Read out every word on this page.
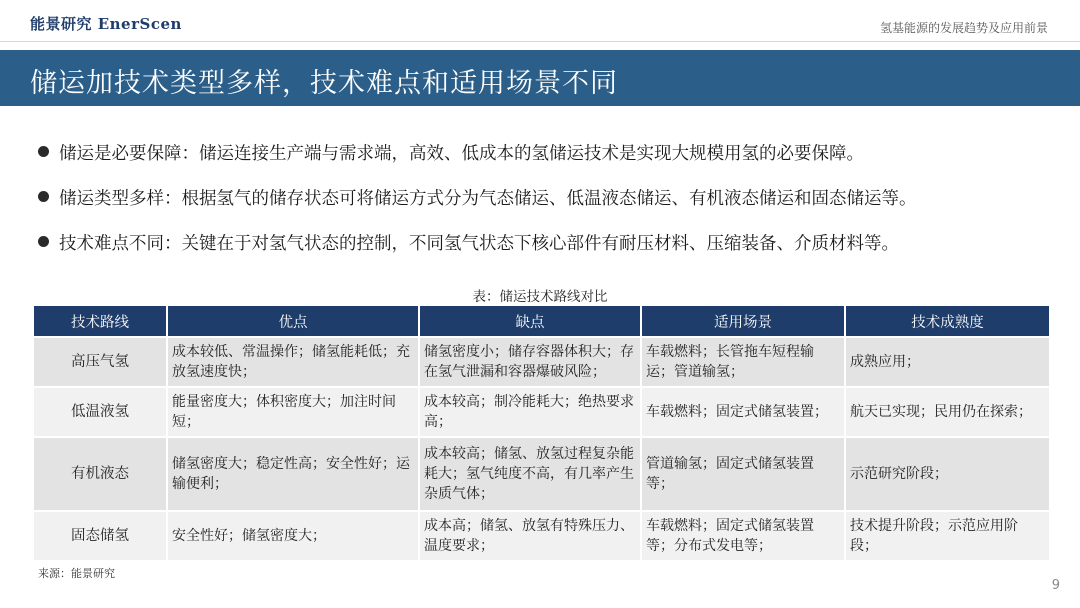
能景研究 EnerScen	氢基能源的发展趋势及应用前景
储运加技术类型多样，技术难点和适用场景不同
储运是必要保障：储运连接生产端与需求端，高效、低成本的氢储运技术是实现大规模用氢的必要保障。
储运类型多样：根据氢气的储存状态可将储运方式分为气态储运、低温液态储运、有机液态储运和固态储运等。
技术难点不同：关键在于对氢气状态的控制，不同氢气状态下核心部件有耐压材料、压缩装备、介质材料等。
表：储运技术路线对比
技术路线	优点	缺点	适用场景	技术成熟度
高压气氢	成本较低、常温操作；储氢能耗低；充放氢速度快；	储氢密度小；储存容器体积大；存在氢气泄漏和容器爆破风险；	车载燃料；长管拖车短程输运；管道输氢；	成熟应用；
低温液氢	能量密度大；体积密度大；加注时间短；	成本较高；制冷能耗大；绝热要求高；	车载燃料；固定式储氢装置；	航天已实现；民用仍在探索；
有机液态	储氢密度大；稳定性高；安全性好；运输便利；	成本较高；储氢、放氢过程复杂能耗大；氢气纯度不高，有几率产生杂质气体；	管道输氢；固定式储氢装置等；	示范研究阶段；
固态储氢	安全性好；储氢密度大；	成本高；储氢、放氢有特殊压力、温度要求；	车载燃料；固定式储氢装置等；分布式发电等；	技术提升阶段；示范应用阶段；
来源：能景研究
9
